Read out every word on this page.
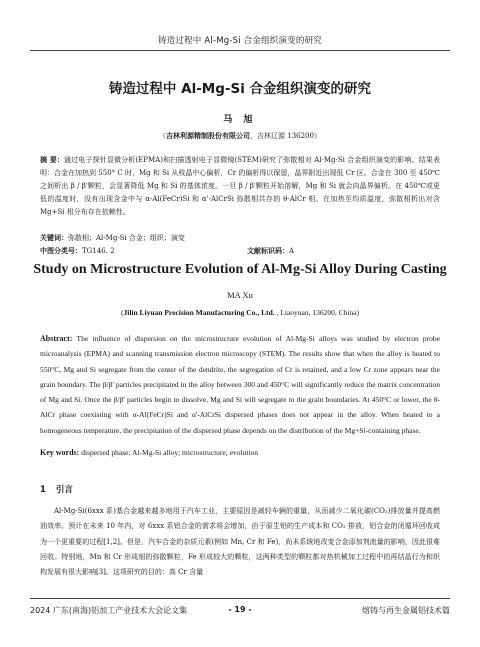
铸造过程中 Al-Mg-Si 合金组织演变的研究
铸造过程中 Al-Mg-Si 合金组织演变的研究
马 旭
（吉林利源精制股份有限公司，吉林辽源 136200）
摘 要：通过电子探针显微分析(EPMA)和扫描透射电子显微镜(STEM)研究了弥散相对 Al-Mg-Si 合金组织演变的影响。结果表明：合金在加热到 550° C 时，Mg 和 Si 从枝晶中心偏析，Cr 的偏析得以保留，晶界附近出现低 Cr 区。合金在 300 至 450℃之间析出 β / β'颗粒，会显著降低 Mg 和 Si 的基体浓度。一旦 β / β'颗粒开始溶解，Mg 和 Si 就会向晶界偏析。在 450℃或更低的温度时，没有出现含金中与 α-Al(FeCr)Si 和 α'-AlCrSi 弥散相共存的 θ-AlCr 相。在加热至均质温度，弥散相析出对含 Mg+Si 相分布存在依赖性。
关键词：弥散相；Al-Mg-Si 合金；组织；演变
中图分类号：TG146. 2	文献标识码：A
Study on Microstructure Evolution of Al-Mg-Si Alloy During Casting
MA Xu
(Jilin Liyuan Precision Manufacturing Co., Ltd. , Liaoyuan, 136200, China)
Abstract: The influence of dispersion on the microstructure evolution of Al-Mg-Si alloys was studied by electron probe microanalysis (EPMA) and scanning transmission electron microscopy (STEM). The results show that when the alloy is heated to 550°C, Mg and Si segregate from the center of the dendrite, the segregation of Cr is retained, and a low Cr zone appears near the grain boundary. The β/β' particles precipitated in the alloy between 300 and 450°C will significantly reduce the matrix concentration of Mg and Si. Once the β/β' particles begin to dissolve, Mg and Si will segregate to the grain boundaries. At 450°C or lower, the θ-AlCr phase coexisting with α-Al(FeCr)Si and α'-AlCrSi dispersed phases does not appear in the alloy. When heated to a homogeneous temperature, the precipitation of the dispersed phase depends on the distribution of the Mg+Si-containing phase.
Key words: dispersed phase; Al-Mg-Si alloy; microstructure; evolution
1 引言
Al-Mg-Si(6xxx 系)基合金越来越多地用于汽车工业，主要原因是减轻车辆的重量，从而减少二氧化碳(CO₂)排放量并提高燃油效率。预计在未来 10 年内，对 6xxx 系铝合金的需求将会增加，由于原生铝的生产成本和 CO₂ 排放，铝合金的闭循环回收成为一个更重要的过程[1,2]。但是，汽车合金的杂质元素(例如 Mn, Cr 和 Fe)，尚未系统地改变合金添加剂流量的影响，因此很难回收。特别地，Mn 和 Cr 形成细的弥散颗粒，Fe 形成较大的颗粒，这两种类型的颗粒都对热机械加工过程中的再结晶行为和织构发展有很大影响[3]。这项研究的目的：高 Cr 含量
2024 广东(南海)铝加工产业技术大会论文集	- 19 -	熔铸与再生金属铝技术篇
